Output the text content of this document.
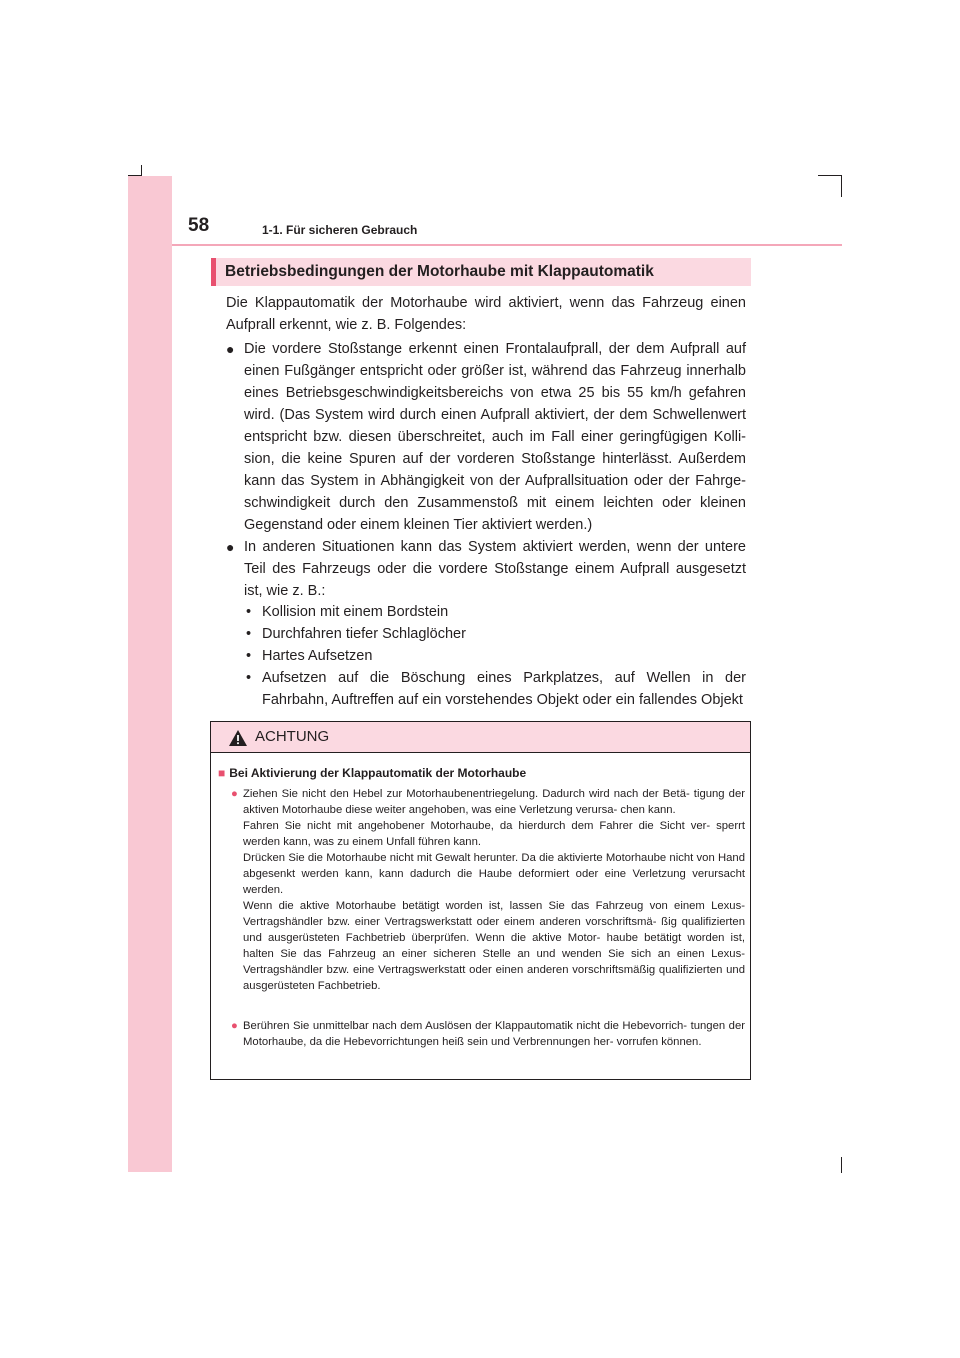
58	1-1. Für sicheren Gebrauch
Betriebsbedingungen der Motorhaube mit Klappautomatik
Die Klappautomatik der Motorhaube wird aktiviert, wenn das Fahrzeug einen Aufprall erkennt, wie z. B. Folgendes:
● Die vordere Stoßstange erkennt einen Frontalaufprall, der dem Aufprall auf einen Fußgänger entspricht oder größer ist, während das Fahrzeug innerhalb eines Betriebsgeschwindigkeitsbereichs von etwa 25 bis 55 km/h gefahren wird. (Das System wird durch einen Aufprall aktiviert, der dem Schwellenwert entspricht bzw. diesen überschreitet, auch im Fall einer geringfügigen Kolli- sion, die keine Spuren auf der vorderen Stoßstange hinterlässt. Außerdem kann das System in Abhängigkeit von der Aufprallsituation oder der Fahrge- schwindigkeit durch den Zusammenstoß mit einem leichten oder kleinen Gegenstand oder einem kleinen Tier aktiviert werden.)
● In anderen Situationen kann das System aktiviert werden, wenn der untere Teil des Fahrzeugs oder die vordere Stoßstange einem Aufprall ausgesetzt ist, wie z. B.:
• Kollision mit einem Bordstein
• Durchfahren tiefer Schlaglöcher
• Hartes Aufsetzen
• Aufsetzen auf die Böschung eines Parkplatzes, auf Wellen in der Fahrbahn, Auftreffen auf ein vorstehendes Objekt oder ein fallendes Objekt
ACHTUNG
■ Bei Aktivierung der Klappautomatik der Motorhaube
● Ziehen Sie nicht den Hebel zur Motorhaubenentriegelung. Dadurch wird nach der Betä- tigung der aktiven Motorhaube diese weiter angehoben, was eine Verletzung verursa- chen kann.

Fahren Sie nicht mit angehobener Motorhaube, da hierdurch dem Fahrer die Sicht ver- sperrt werden kann, was zu einem Unfall führen kann.

Drücken Sie die Motorhaube nicht mit Gewalt herunter. Da die aktivierte Motorhaube nicht von Hand abgesenkt werden kann, kann dadurch die Haube deformiert oder eine Verletzung verursacht werden.

Wenn die aktive Motorhaube betätigt worden ist, lassen Sie das Fahrzeug von einem Lexus-Vertragshändler bzw. einer Vertragswerkstatt oder einem anderen vorschriftsmä- ßig qualifizierten und ausgerüsteten Fachbetrieb überprüfen. Wenn die aktive Motor- haube betätigt worden ist, halten Sie das Fahrzeug an einer sicheren Stelle an und wenden Sie sich an einen Lexus-Vertragshändler bzw. eine Vertragswerkstatt oder einen anderen vorschriftsmäßig qualifizierten und ausgerüsteten Fachbetrieb.

● Berühren Sie unmittelbar nach dem Auslösen der Klappautomatik nicht die Hebevorrich- tungen der Motorhaube, da die Hebevorrichtungen heiß sein und Verbrennungen her- vorrufen können.
